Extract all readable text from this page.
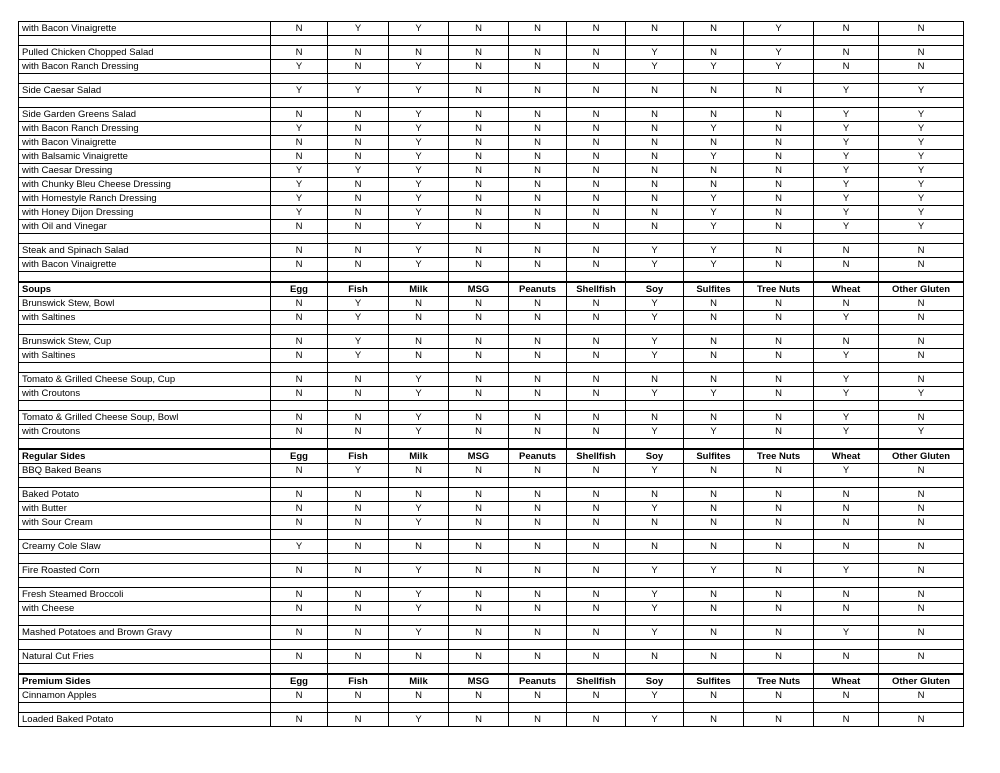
with Bacon Vinaigrette	N	Y	Y	N	N	N	N	N	Y	N	N

Pulled Chicken Chopped Salad	N	N	N	N	N	N	Y	N	Y	N	N
with Bacon Ranch Dressing	Y	N	Y	N	N	N	Y	Y	Y	N	N

Side Caesar Salad	Y	Y	Y	N	N	N	N	N	N	Y	Y

Side Garden Greens Salad	N	N	Y	N	N	N	N	N	N	Y	Y
with Bacon Ranch Dressing	Y	N	Y	N	N	N	N	Y	N	Y	Y
with Bacon Vinaigrette	N	N	Y	N	N	N	N	N	N	Y	Y
with Balsamic Vinaigrette	N	N	Y	N	N	N	N	Y	N	Y	Y
with Caesar Dressing	Y	Y	Y	N	N	N	N	N	N	Y	Y
with Chunky Bleu Cheese Dressing	Y	N	Y	N	N	N	N	N	N	Y	Y
with Homestyle Ranch Dressing	Y	N	Y	N	N	N	N	Y	N	Y	Y
with Honey Dijon Dressing	Y	N	Y	N	N	N	N	Y	N	Y	Y
with Oil and Vinegar	N	N	Y	N	N	N	N	Y	N	Y	Y

Steak and Spinach Salad	N	N	Y	N	N	N	Y	Y	N	N	N
with Bacon Vinaigrette	N	N	Y	N	N	N	Y	Y	N	N	N

Soups	Egg	Fish	Milk	MSG	Peanuts	Shellfish	Soy	Sulfites	Tree Nuts	Wheat	Other Gluten
Brunswick Stew, Bowl	N	Y	N	N	N	N	Y	N	N	N	N
with Saltines	N	Y	N	N	N	N	Y	N	N	Y	N

Brunswick Stew, Cup	N	Y	N	N	N	N	Y	N	N	N	N
with Saltines	N	Y	N	N	N	N	Y	N	N	Y	N

Tomato & Grilled Cheese Soup, Cup	N	N	Y	N	N	N	N	N	N	Y	N
with Croutons	N	N	Y	N	N	N	Y	Y	N	Y	Y

Tomato & Grilled Cheese Soup, Bowl	N	N	Y	N	N	N	N	N	N	Y	N
with Croutons	N	N	Y	N	N	N	Y	Y	N	Y	Y

Regular Sides	Egg	Fish	Milk	MSG	Peanuts	Shellfish	Soy	Sulfites	Tree Nuts	Wheat	Other Gluten
BBQ Baked Beans	N	Y	N	N	N	N	Y	N	N	Y	N

Baked Potato	N	N	N	N	N	N	N	N	N	N	N
with Butter	N	N	Y	N	N	N	Y	N	N	N	N
with Sour Cream	N	N	Y	N	N	N	N	N	N	N	N

Creamy Cole Slaw	Y	N	N	N	N	N	N	N	N	N	N

Fire Roasted Corn	N	N	Y	N	N	N	Y	Y	N	Y	N

Fresh Steamed Broccoli	N	N	Y	N	N	N	Y	N	N	N	N
with Cheese	N	N	Y	N	N	N	Y	N	N	N	N

Mashed Potatoes and Brown Gravy	N	N	Y	N	N	N	Y	N	N	Y	N

Natural Cut Fries	N	N	N	N	N	N	N	N	N	N	N

Premium Sides	Egg	Fish	Milk	MSG	Peanuts	Shellfish	Soy	Sulfites	Tree Nuts	Wheat	Other Gluten
Cinnamon Apples	N	N	N	N	N	N	Y	N	N	N	N

Loaded Baked Potato	N	N	Y	N	N	N	Y	N	N	N	N
